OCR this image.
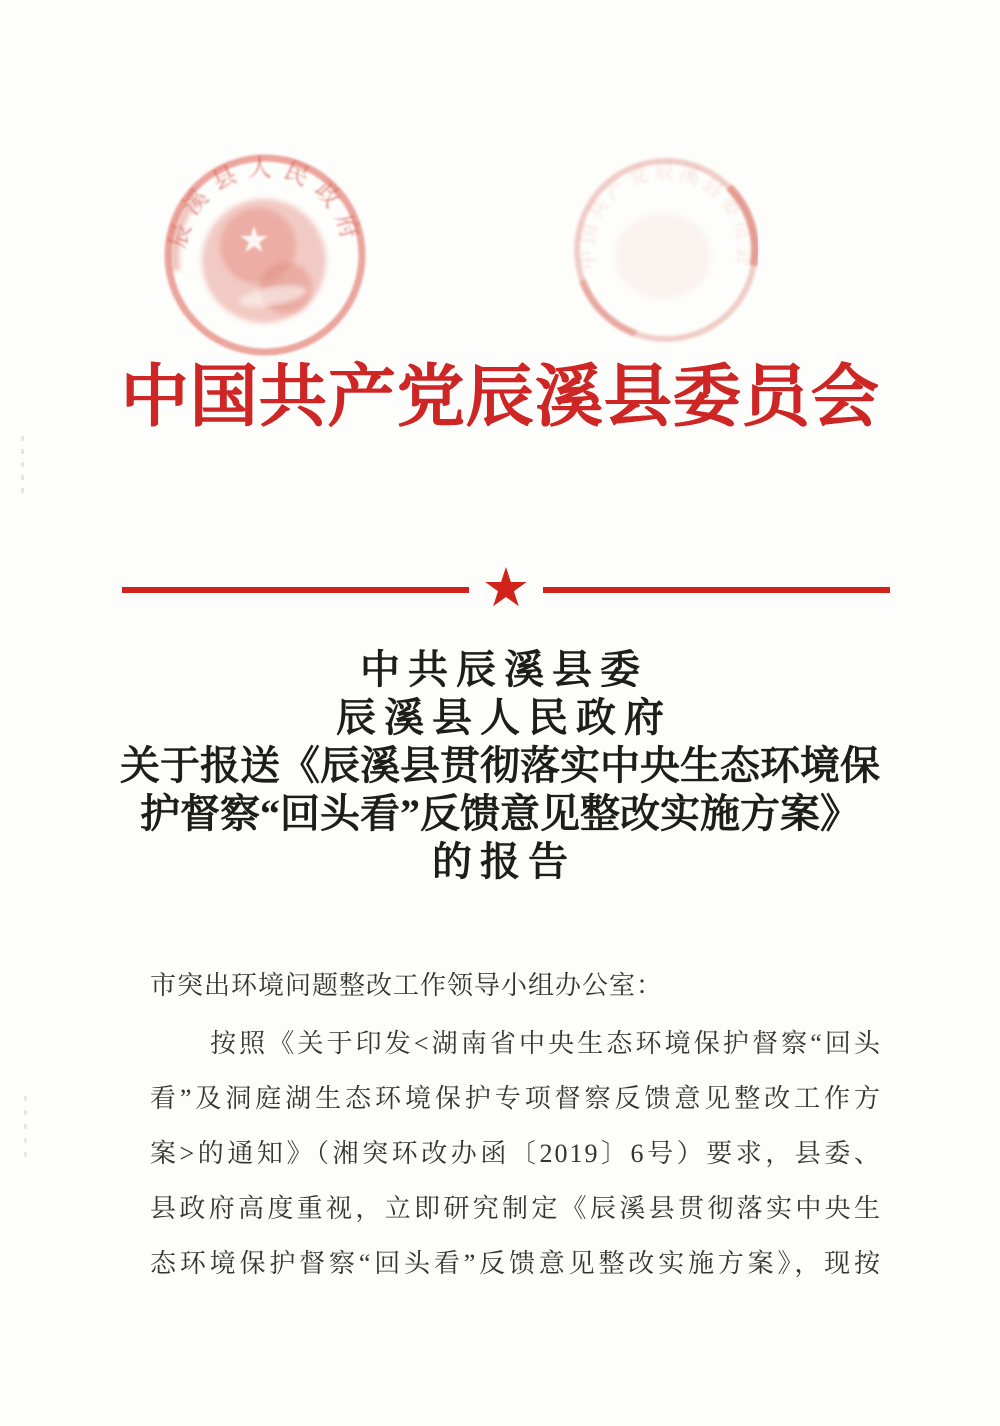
★
辰溪县人民政府
中国共产党辰溪县委员会
中国共产党辰溪县委员会
★
中共辰溪县委
辰溪县人民政府
关于报送《辰溪县贯彻落实中央生态环境保
护督察“回头看”反馈意见整改实施方案》
的报告
市突出环境问题整改工作领导小组办公室：
按照《关于印发<湖南省中央生态环境保护督察“回头
看”及洞庭湖生态环境保护专项督察反馈意见整改工作方
案>的通知》（湘突环改办函〔2019〕6号）要求，县委、
县政府高度重视，立即研究制定《辰溪县贯彻落实中央生
态环境保护督察“回头看”反馈意见整改实施方案》，现按
